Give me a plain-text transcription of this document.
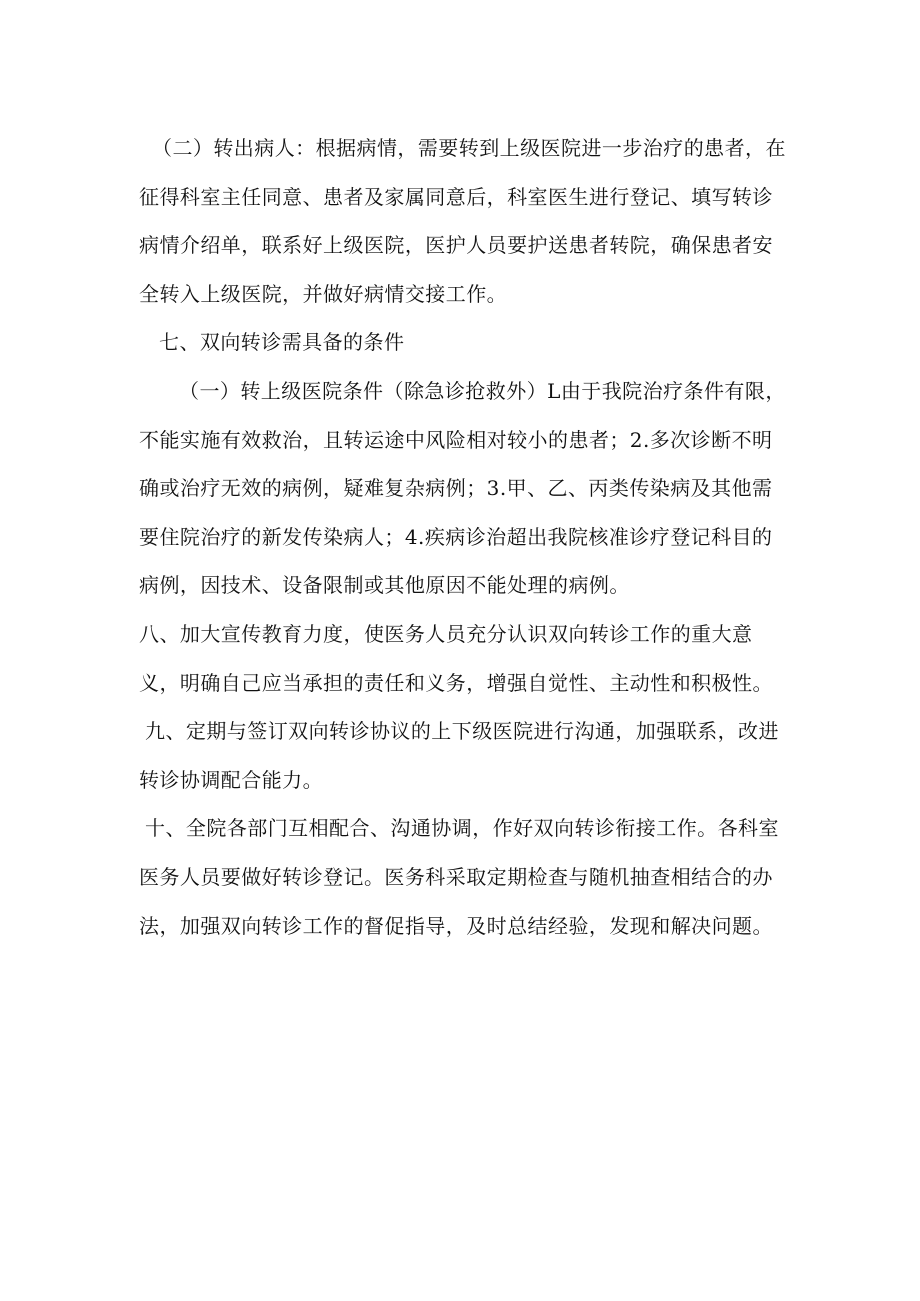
（二）转出病人：根据病情，需要转到上级医院进一步治疗的患者，在征得科室主任同意、患者及家属同意后，科室医生进行登记、填写转诊病情介绍单，联系好上级医院，医护人员要护送患者转院，确保患者安全转入上级医院，并做好病情交接工作。

七、双向转诊需具备的条件

（一）转上级医院条件（除急诊抢救外）L由于我院治疗条件有限，不能实施有效救治，且转运途中风险相对较小的患者；2.多次诊断不明确或治疗无效的病例，疑难复杂病例；3.甲、乙、丙类传染病及其他需要住院治疗的新发传染病人；4.疾病诊治超出我院核准诊疗登记科目的病例，因技术、设备限制或其他原因不能处理的病例。

八、加大宣传教育力度，使医务人员充分认识双向转诊工作的重大意义，明确自己应当承担的责任和义务，增强自觉性、主动性和积极性。

九、定期与签订双向转诊协议的上下级医院进行沟通，加强联系，改进转诊协调配合能力。

十、全院各部门互相配合、沟通协调，作好双向转诊衔接工作。各科室医务人员要做好转诊登记。医务科采取定期检查与随机抽查相结合的办法，加强双向转诊工作的督促指导，及时总结经验，发现和解决问题。
